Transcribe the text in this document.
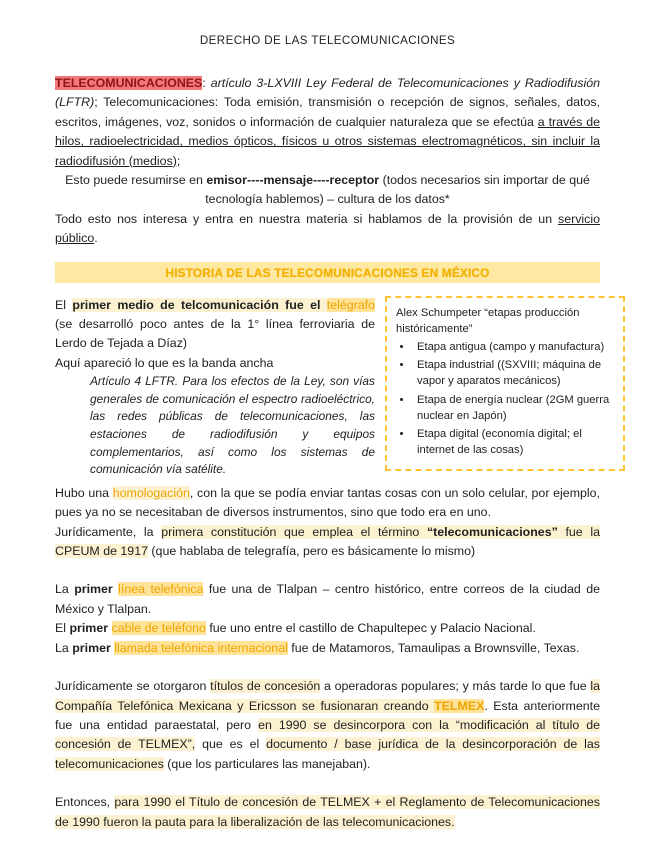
DERECHO DE LAS TELECOMUNICACIONES

TELECOMUNICACIONES: artículo 3-LXVIII Ley Federal de Telecomunicaciones y Radiodifusión (LFTR); Telecomunicaciones: Toda emisión, transmisión o recepción de signos, señales, datos, escritos, imágenes, voz, sonidos o información de cualquier naturaleza que se efectúa a través de hilos, radioelectricidad, medios ópticos, físicos u otros sistemas electromagnéticos, sin incluir la radiodifusión (medios);

Esto puede resumirse en emisor----mensaje----receptor (todos necesarios sin importar de qué tecnología hablemos) – cultura de los datos*

Todo esto nos interesa y entra en nuestra materia si hablamos de la provisión de un servicio público.

HISTORIA DE LAS TELECOMUNICACIONES EN MÉXICO

El primer medio de telcomunicación fue el telégrafo (se desarrolló poco antes de la 1° línea ferroviaria de Lerdo de Tejada a Díaz)

Aquí apareció lo que es la banda ancha

Artículo 4 LFTR. Para los efectos de la Ley, son vías generales de comunicación el espectro radioeléctrico, las redes públicas de telecomunicaciones, las estaciones de radiodifusión y equipos complementarios, así como los sistemas de comunicación vía satélite.

Alex Schumpeter “etapas producción históricamente”

• Etapa antigua (campo y manufactura)
• Etapa industrial ((SXVIII; máquina de vapor y aparatos mecánicos)
• Etapa de energía nuclear (2GM guerra nuclear en Japón)
• Etapa digital (economía digital; el internet de las cosas)

Hubo una homologación, con la que se podía enviar tantas cosas con un solo celular, por ejemplo, pues ya no se necesitaban de diversos instrumentos, sino que todo era en uno.

Jurídicamente, la primera constitución que emplea el término “telecomunicaciones” fue la CPEUM de 1917 (que hablaba de telegrafía, pero es básicamente lo mismo)

La primer línea telefónica fue una de Tlalpan – centro histórico, entre correos de la ciudad de México y Tlalpan.

El primer cable de teléfono fue uno entre el castillo de Chapultepec y Palacio Nacional.

La primer llamada telefónica internacional fue de Matamoros, Tamaulipas a Brownsville, Texas.

Jurídicamente se otorgaron títulos de concesión a operadoras populares; y más tarde lo que fue la Compañía Telefónica Mexicana y Ericsson se fusionaran creando TELMEX. Esta anteriormente fue una entidad paraestatal, pero en 1990 se desincorpora con la “modificación al título de concesión de TELMEX”, que es el documento / base jurídica de la desincorporación de las telecomunicaciones (que los particulares las manejaban).

Entonces, para 1990 el Título de concesión de TELMEX + el Reglamento de Telecomunicaciones de 1990 fueron la pauta para la liberalización de las telecomunicaciones.
